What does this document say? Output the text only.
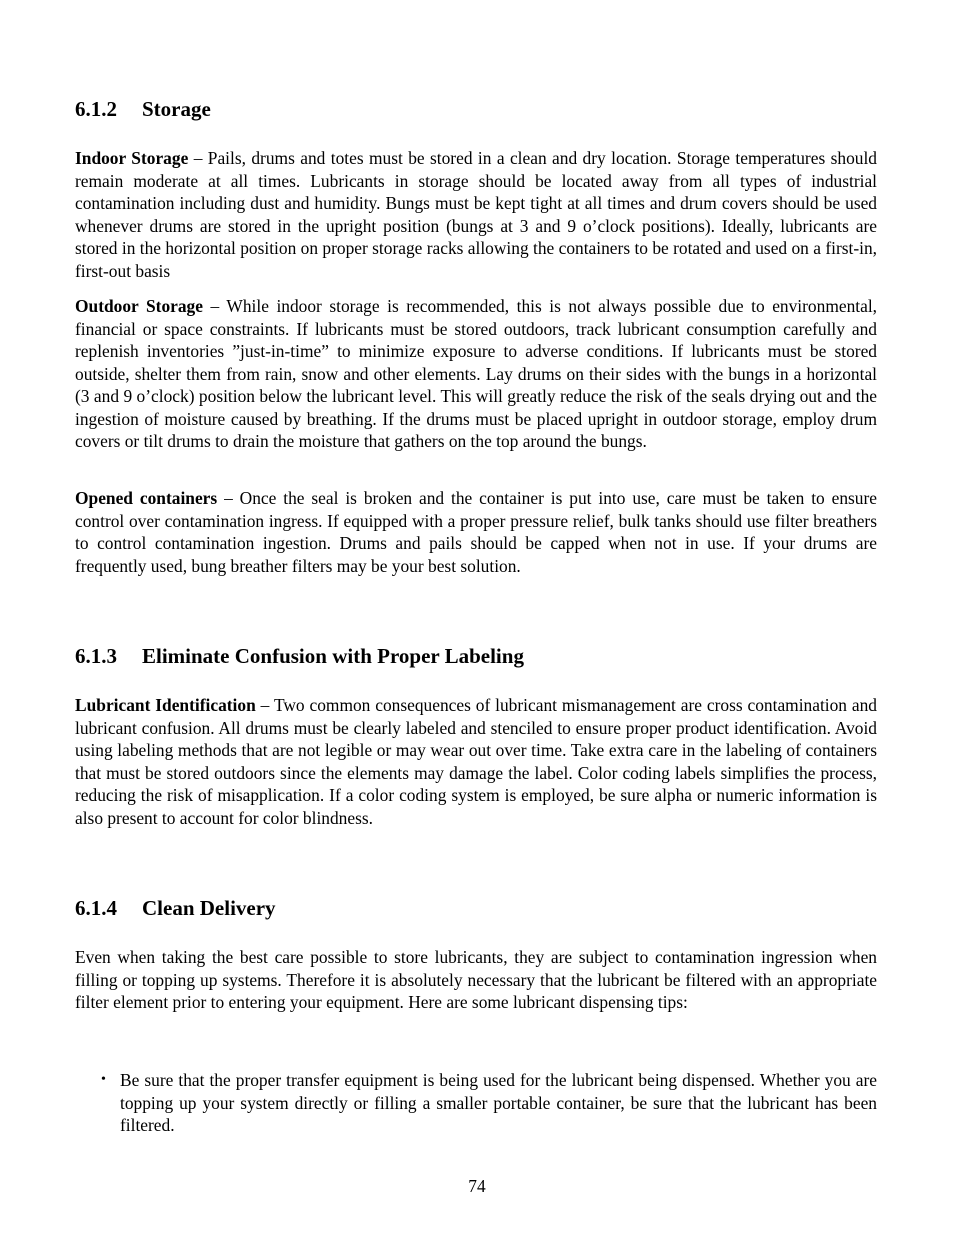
6.1.2 Storage

Indoor Storage – Pails, drums and totes must be stored in a clean and dry location. Storage temperatures should remain moderate at all times. Lubricants in storage should be located away from all types of industrial contamination including dust and humidity. Bungs must be kept tight at all times and drum covers should be used whenever drums are stored in the upright position (bungs at 3 and 9 o’clock positions). Ideally, lubricants are stored in the horizontal position on proper storage racks allowing the containers to be rotated and used on a first-in, first-out basis

Outdoor Storage – While indoor storage is recommended, this is not always possible due to environmental, financial or space constraints. If lubricants must be stored outdoors, track lubricant consumption carefully and replenish inventories ”just-in-time” to minimize exposure to adverse conditions. If lubricants must be stored outside, shelter them from rain, snow and other elements. Lay drums on their sides with the bungs in a horizontal (3 and 9 o’clock) position below the lubricant level. This will greatly reduce the risk of the seals drying out and the ingestion of moisture caused by breathing. If the drums must be placed upright in outdoor storage, employ drum covers or tilt drums to drain the moisture that gathers on the top around the bungs.

Opened containers – Once the seal is broken and the container is put into use, care must be taken to ensure control over contamination ingress. If equipped with a proper pressure relief, bulk tanks should use filter breathers to control contamination ingestion. Drums and pails should be capped when not in use. If your drums are frequently used, bung breather filters may be your best solution.

6.1.3 Eliminate Confusion with Proper Labeling

Lubricant Identification – Two common consequences of lubricant mismanagement are cross contamination and lubricant confusion. All drums must be clearly labeled and stenciled to ensure proper product identification. Avoid using labeling methods that are not legible or may wear out over time. Take extra care in the labeling of containers that must be stored outdoors since the elements may damage the label. Color coding labels simplifies the process, reducing the risk of misapplication. If a color coding system is employed, be sure alpha or numeric information is also present to account for color blindness.

6.1.4 Clean Delivery

Even when taking the best care possible to store lubricants, they are subject to contamination ingression when filling or topping up systems. Therefore it is absolutely necessary that the lubricant be filtered with an appropriate filter element prior to entering your equipment. Here are some lubricant dispensing tips:

• Be sure that the proper transfer equipment is being used for the lubricant being dispensed. Whether you are topping up your system directly or filling a smaller portable container, be sure that the lubricant has been filtered.
74
